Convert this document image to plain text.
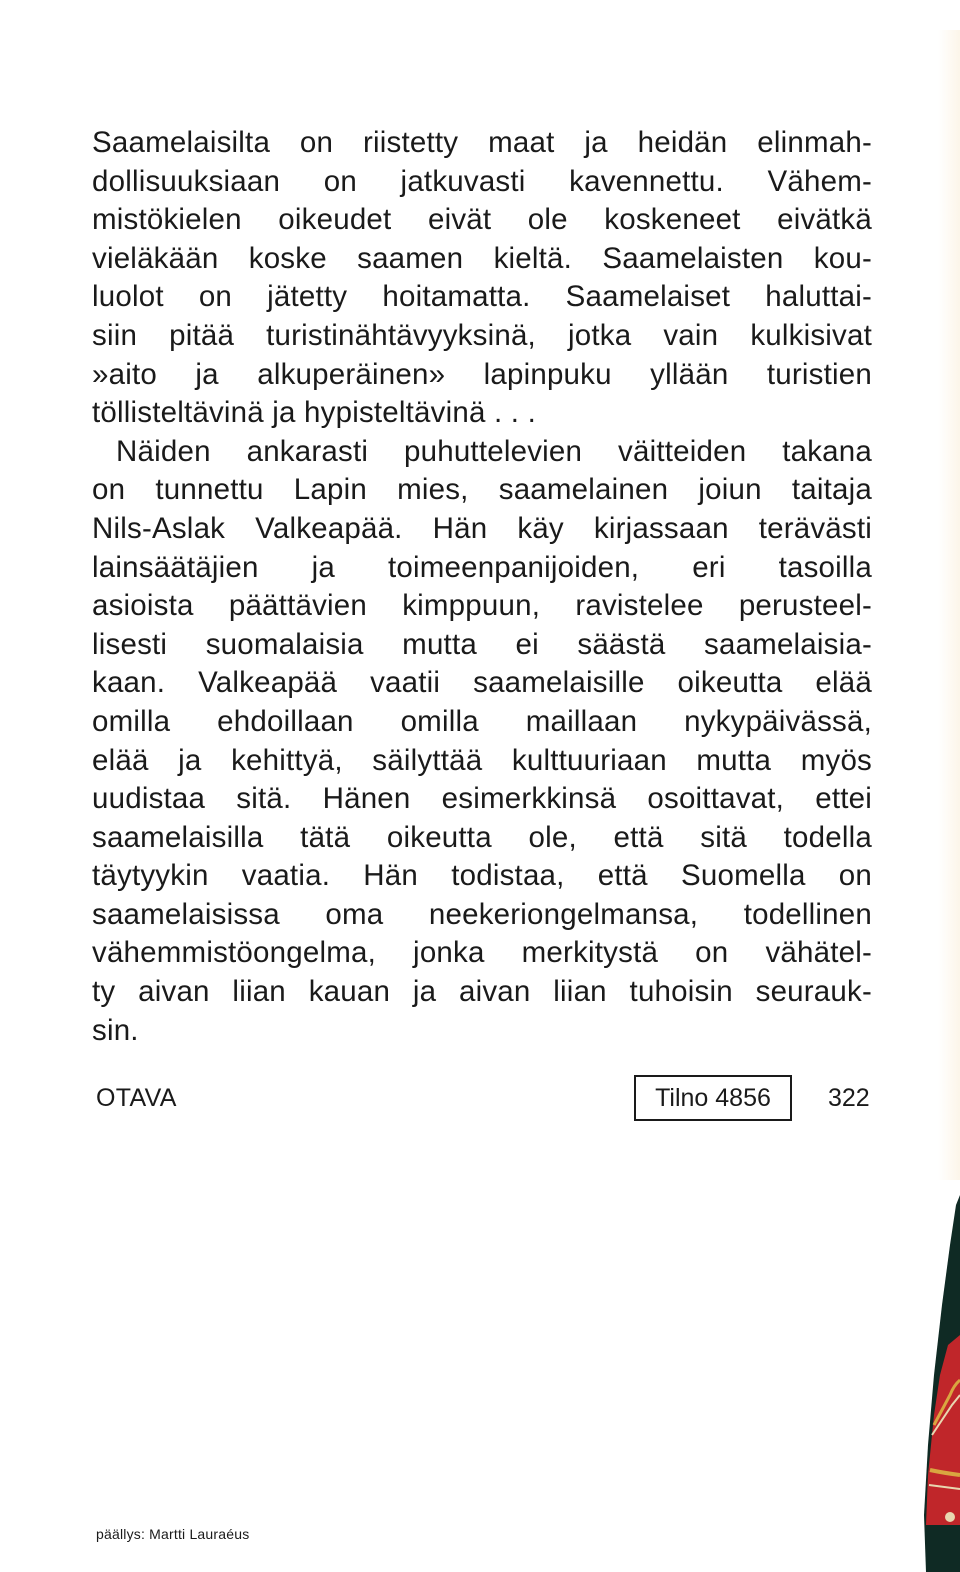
Saamelaisilta on riistetty maat ja heidän elinmah-
dollisuuksiaan on jatkuvasti kavennettu. Vähem-
mistökielen oikeudet eivät ole koskeneet eivätkä
vieläkään koske saamen kieltä. Saamelaisten kou-
luolot on jätetty hoitamatta. Saamelaiset haluttai-
siin pitää turistinähtävyyksinä, jotka vain kulkisivat
»aito ja alkuperäinen» lapinpuku yllään turistien
töllisteltävinä ja hypisteltävinä . . .
Näiden ankarasti puhuttelevien väitteiden takana
on tunnettu Lapin mies, saamelainen joiun taitaja
Nils-Aslak Valkeapää. Hän käy kirjassaan terävästi
lainsäätäjien ja toimeenpanijoiden, eri tasoilla
asioista päättävien kimppuun, ravistelee perusteel-
lisesti suomalaisia mutta ei säästä saamelaisia-
kaan. Valkeapää vaatii saamelaisille oikeutta elää
omilla ehdoillaan omilla maillaan nykypäivässä,
elää ja kehittyä, säilyttää kulttuuriaan mutta myös
uudistaa sitä. Hänen esimerkkinsä osoittavat, ettei
saamelaisilla tätä oikeutta ole, että sitä todella
täytyykin vaatia. Hän todistaa, että Suomella on
saamelaisissa oma neekeriongelmansa, todellinen
vähemmistöongelma, jonka merkitystä on vähätel-
ty aivan liian kauan ja aivan liian tuhoisin seurauk-
sin.
OTAVA	Tilno 4856	322
päällys: Martti Lauraéus
